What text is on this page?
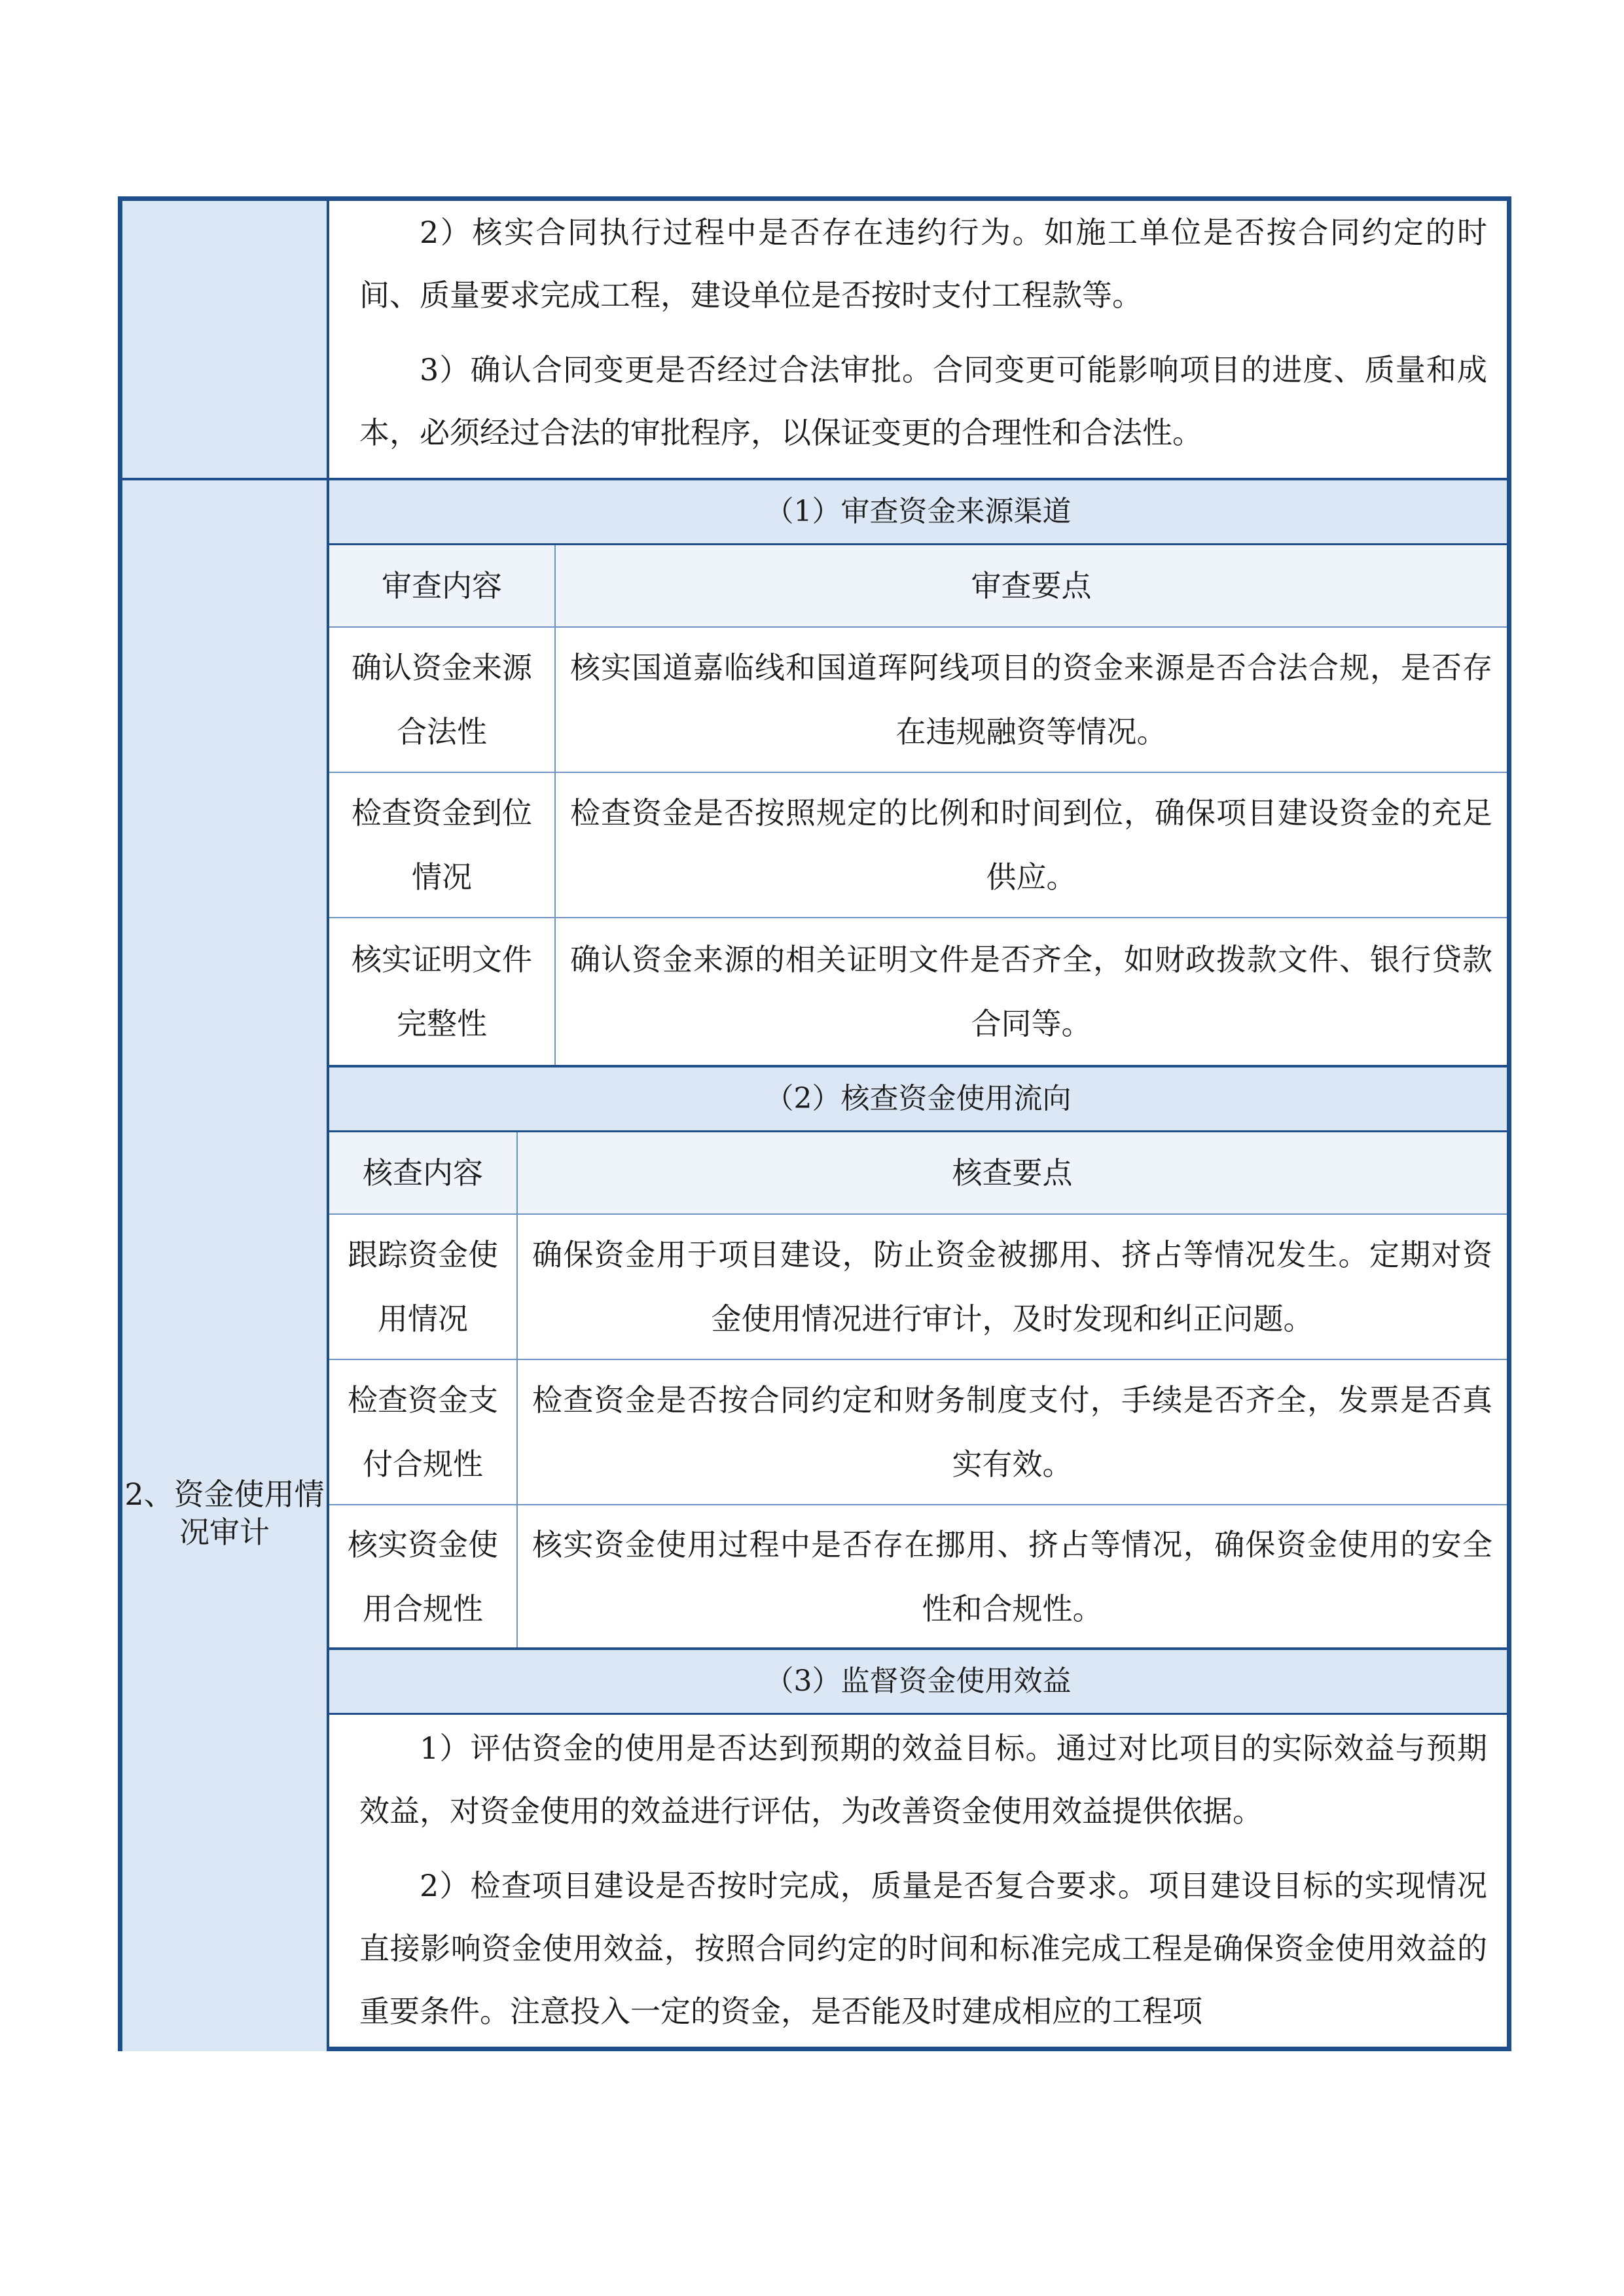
2）核实合同执行过程中是否存在违约行为。如施工单位是否按合同约定的时间、质量要求完成工程，建设单位是否按时支付工程款等。

3）确认合同变更是否经过合法审批。合同变更可能影响项目的进度、质量和成本，必须经过合法的审批程序，以保证变更的合理性和合法性。

2、资金使用情况审计
（1）审查资金来源渠道
审查内容	审查要点
确认资金来源合法性
核实国道嘉临线和国道珲阿线项目的资金来源是否合法合规，是否存在违规融资等情况。
检查资金到位情况
检查资金是否按照规定的比例和时间到位，确保项目建设资金的充足供应。
核实证明文件完整性
确认资金来源的相关证明文件是否齐全，如财政拨款文件、银行贷款合同等。
（2）核查资金使用流向
核查内容	核查要点
跟踪资金使用情况
确保资金用于项目建设，防止资金被挪用、挤占等情况发生。定期对资金使用情况进行审计，及时发现和纠正问题。
检查资金支付合规性
检查资金是否按合同约定和财务制度支付，手续是否齐全，发票是否真实有效。
核实资金使用合规性
核实资金使用过程中是否存在挪用、挤占等情况，确保资金使用的安全性和合规性。
（3）监督资金使用效益

1）评估资金的使用是否达到预期的效益目标。通过对比项目的实际效益与预期效益，对资金使用的效益进行评估，为改善资金使用效益提供依据。

2）检查项目建设是否按时完成，质量是否复合要求。项目建设目标的实现情况直接影响资金使用效益，按照合同约定的时间和标准完成工程是确保资金使用效益的重要条件。注意投入一定的资金，是否能及时建成相应的工程项
